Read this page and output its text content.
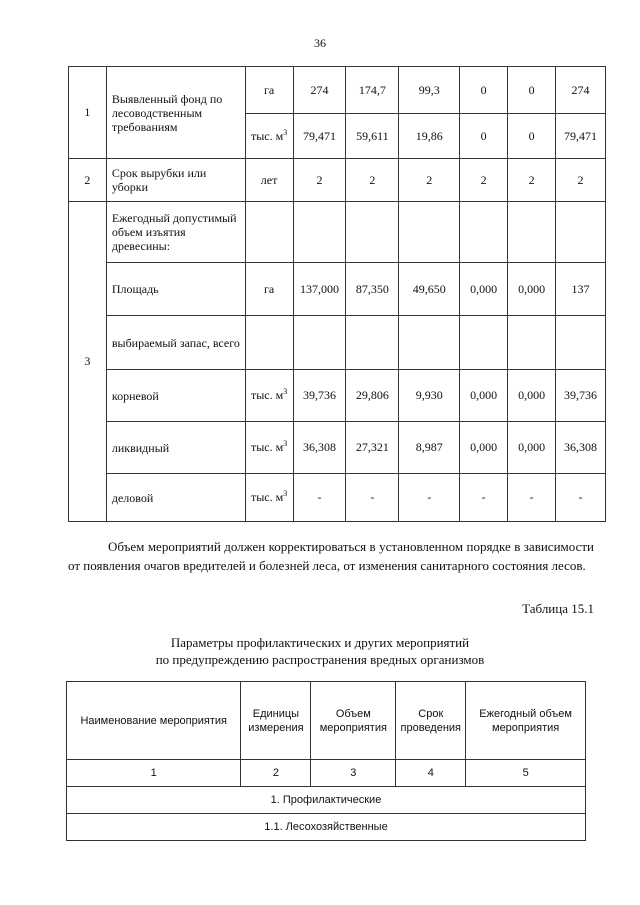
36
1	Выявленный фонд по лесоводственным требованиям	га	274	174,7	99,3	0	0	274
		тыс. $м^3$	79,471	59,611	19,86	0	0	79,471
2	Срок вырубки или уборки	лет	2	2	2	2	2	2
3	Ежегодный допустимый объем изъятия древесины:							
	Площадь	га	137,000	87,350	49,650	0,000	0,000	137
	выбираемый запас, всего							
	корневой	тыс. $м^3$	39,736	29,806	9,930	0,000	0,000	39,736
	ликвидный	тыс. $м^3$	36,308	27,321	8,987	0,000	0,000	36,308
	деловой	тыс. $м^3$	-	-	-	-	-	-

Объем мероприятий должен корректироваться в установленном порядке в зависимости от появления очагов вредителей и болезней леса, от изменения санитарного состояния лесов.

Таблица 15.1
Параметры профилактических и других мероприятий
по предупреждению распространения вредных организмов
Наименование мероприятия	Единицы измерения	Объем мероприятия	Срок проведения	Ежегодный объем мероприятия
1	2	3	4	5
1. Профилактические				
1.1. Лесохозяйственные				
